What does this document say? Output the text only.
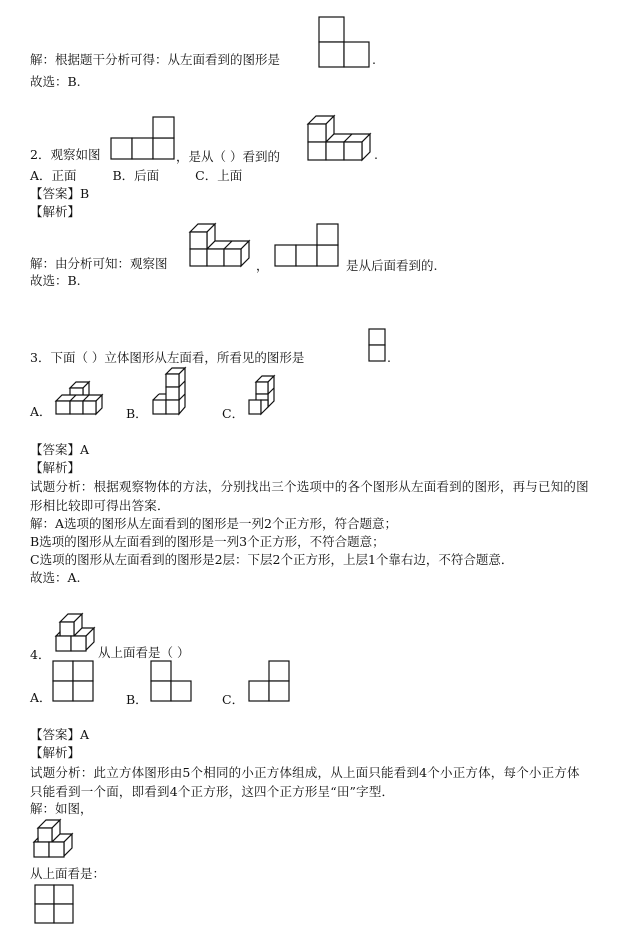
解：根据题干分析可得：从左面看到的图形是	.
故选：B.
2．观察如图	，是从（ ）看到的	.
A．正面	B．后面	C．上面
【答案】B
【解析】
解：由分析可知：观察图	，	是从后面看到的.
故选：B.
3．下面（ ）立体图形从左面看，所看见的图形是	.
A．	B．	C．
【答案】A
【解析】
试题分析：根据观察物体的方法，分别找出三个选项中的各个图形从左面看到的图形，再与已知的图形相比较即可得出答案．
解：A选项的图形从左面看到的图形是一列2个正方形，符合题意；
B选项的图形从左面看到的图形是一列3个正方形，不符合题意；
C选项的图形从左面看到的图形是2层：下层2个正方形，上层1个靠右边，不符合题意．
故选：A.
4．	从上面看是（ ）
A．	B．	C．
【答案】A
【解析】
试题分析：此立方体图形由5个相同的小正方体组成，从上面只能看到4个小正方体，每个小正方体只能看到一个面，即看到4个正方形，这四个正方形呈“田”字型．
解：如图，
从上面看是：
